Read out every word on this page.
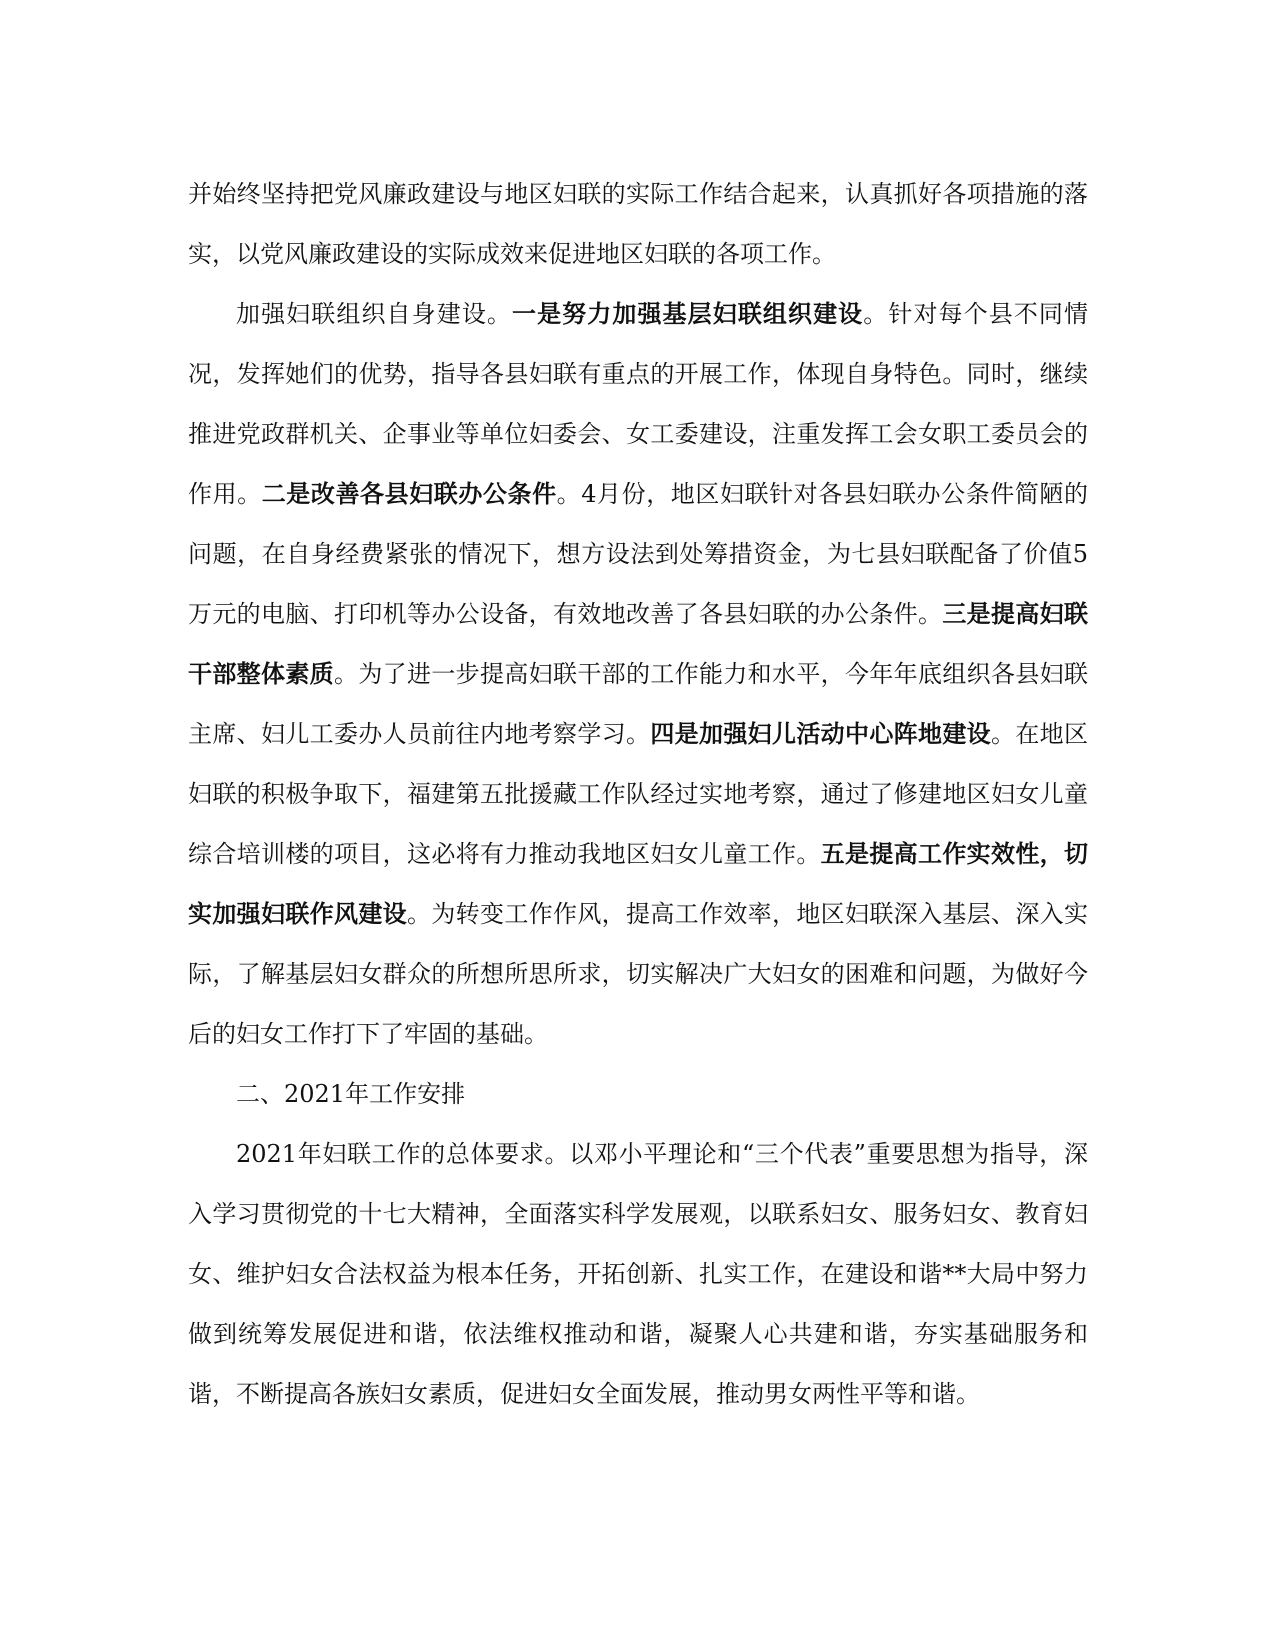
并始终坚持把党风廉政建设与地区妇联的实际工作结合起来，认真抓好各项措施的落实，以党风廉政建设的实际成效来促进地区妇联的各项工作。

加强妇联组织自身建设。一是努力加强基层妇联组织建设。针对每个县不同情况，发挥她们的优势，指导各县妇联有重点的开展工作，体现自身特色。同时，继续推进党政群机关、企事业等单位妇委会、女工委建设，注重发挥工会女职工委员会的作用。二是改善各县妇联办公条件。4月份，地区妇联针对各县妇联办公条件简陋的问题，在自身经费紧张的情况下，想方设法到处筹措资金，为七县妇联配备了价值5万元的电脑、打印机等办公设备，有效地改善了各县妇联的办公条件。三是提高妇联干部整体素质。为了进一步提高妇联干部的工作能力和水平，今年年底组织各县妇联主席、妇儿工委办人员前往内地考察学习。四是加强妇儿活动中心阵地建设。在地区妇联的积极争取下，福建第五批援藏工作队经过实地考察，通过了修建地区妇女儿童综合培训楼的项目，这必将有力推动我地区妇女儿童工作。五是提高工作实效性，切实加强妇联作风建设。为转变工作作风，提高工作效率，地区妇联深入基层、深入实际，了解基层妇女群众的所想所思所求，切实解决广大妇女的困难和问题，为做好今后的妇女工作打下了牢固的基础。

二、2021年工作安排

2021年妇联工作的总体要求。以邓小平理论和“三个代表”重要思想为指导，深入学习贯彻党的十七大精神，全面落实科学发展观，以联系妇女、服务妇女、教育妇女、维护妇女合法权益为根本任务，开拓创新、扎实工作，在建设和谐**大局中努力做到统筹发展促进和谐，依法维权推动和谐，凝聚人心共建和谐，夯实基础服务和谐，不断提高各族妇女素质，促进妇女全面发展，推动男女两性平等和谐。
